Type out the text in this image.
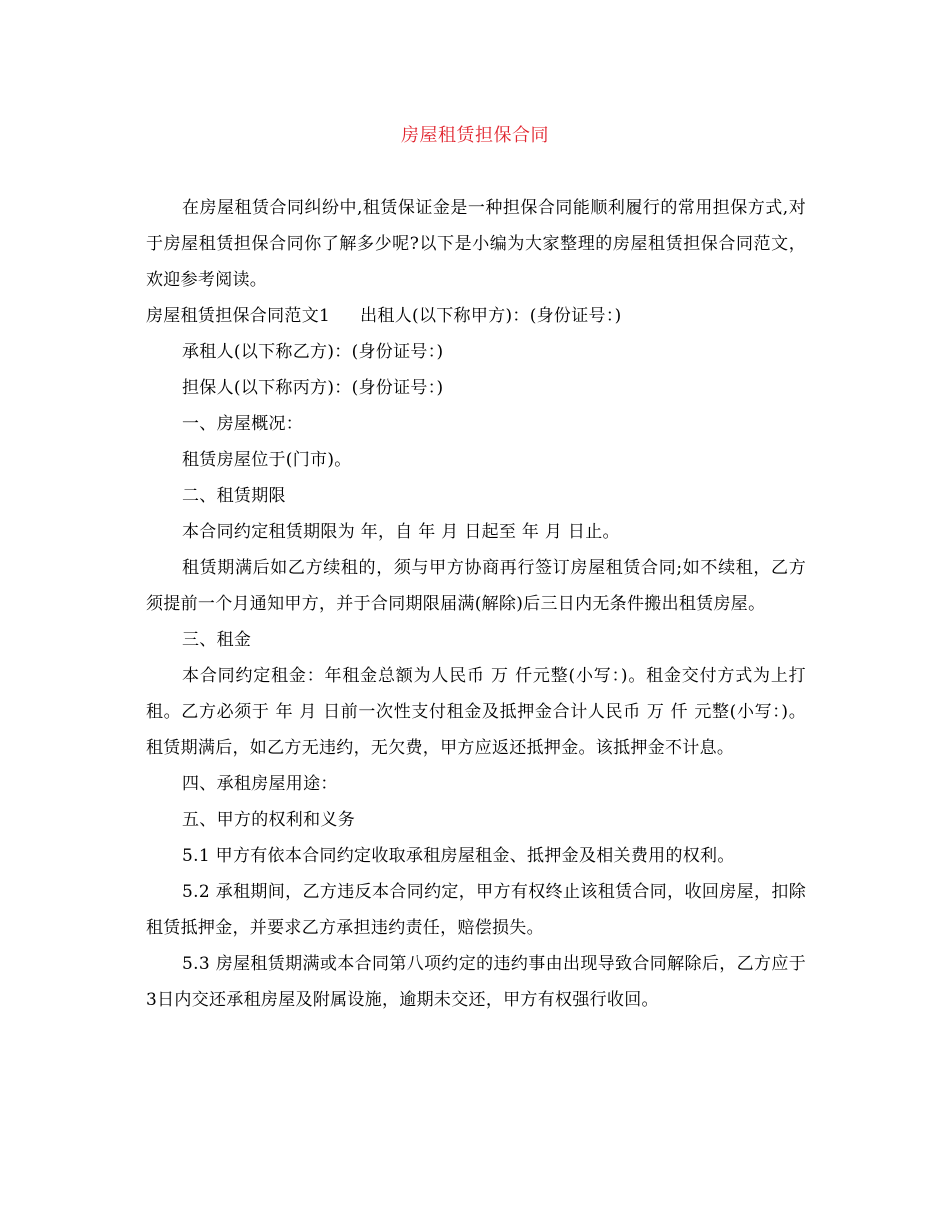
房屋租赁担保合同

在房屋租赁合同纠纷中,租赁保证金是一种担保合同能顺利履行的常用担保方式,对于房屋租赁担保合同你了解多少呢?以下是小编为大家整理的房屋租赁担保合同范文，欢迎参考阅读。

房屋租赁担保合同范文1 出租人(以下称甲方)：(身份证号：)

承租人(以下称乙方)：(身份证号：)

担保人(以下称丙方)：(身份证号：)

一、房屋概况：

租赁房屋位于(门市)。

二、租赁期限

本合同约定租赁期限为 年，自 年 月 日起至 年 月 日止。

租赁期满后如乙方续租的，须与甲方协商再行签订房屋租赁合同;如不续租，乙方须提前一个月通知甲方，并于合同期限届满(解除)后三日内无条件搬出租赁房屋。

三、租金

本合同约定租金：年租金总额为人民币 万 仟元整(小写：)。租金交付方式为上打租。乙方必须于 年 月 日前一次性支付租金及抵押金合计人民币 万 仟 元整(小写：)。租赁期满后，如乙方无违约，无欠费，甲方应返还抵押金。该抵押金不计息。

四、承租房屋用途：

五、甲方的权利和义务

5.1 甲方有依本合同约定收取承租房屋租金、抵押金及相关费用的权利。

5.2 承租期间，乙方违反本合同约定，甲方有权终止该租赁合同，收回房屋，扣除租赁抵押金，并要求乙方承担违约责任，赔偿损失。

5.3 房屋租赁期满或本合同第八项约定的违约事由出现导致合同解除后，乙方应于3日内交还承租房屋及附属设施，逾期未交还，甲方有权强行收回。
